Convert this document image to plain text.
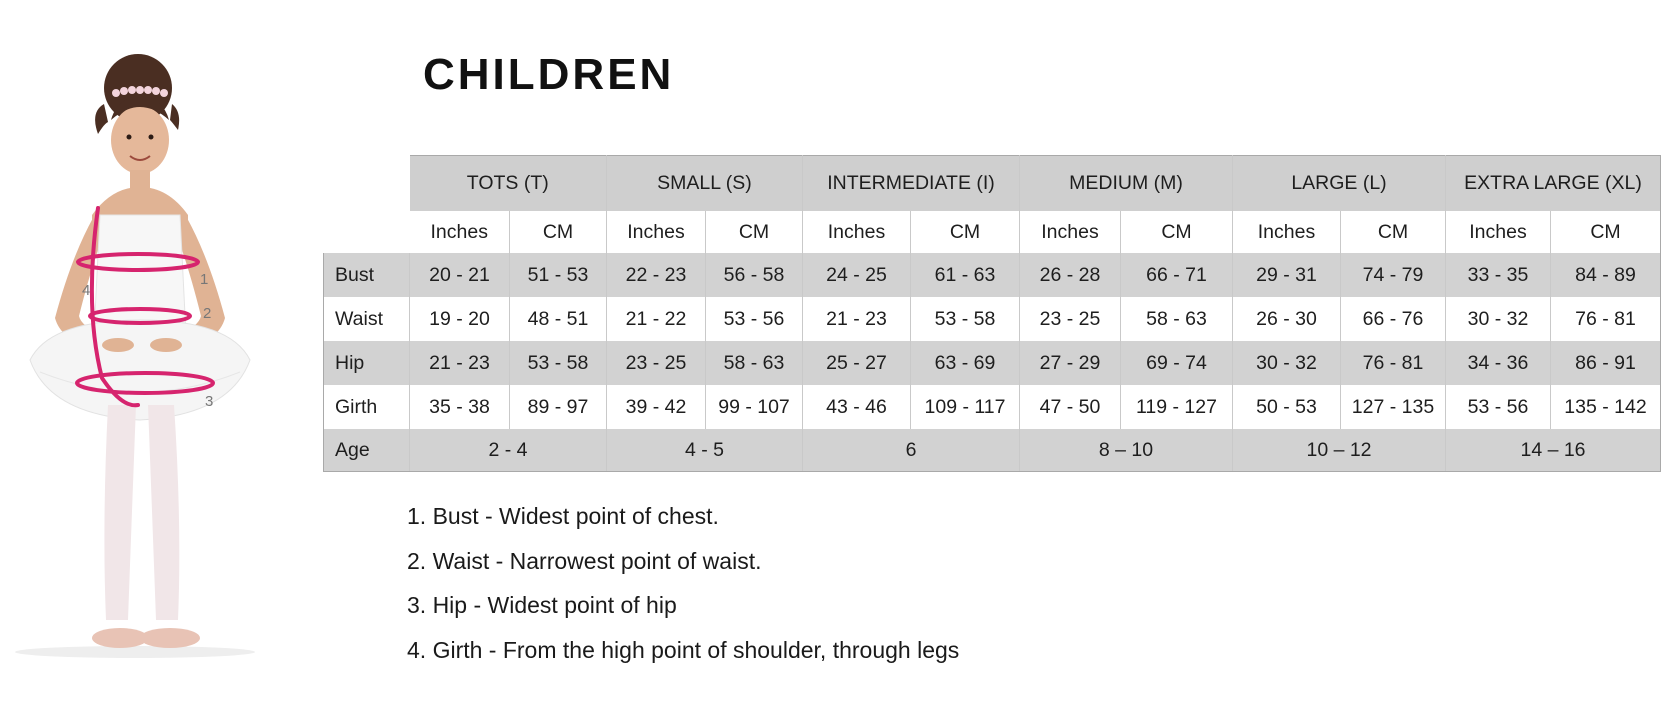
1
2
3
4
CHILDREN
	TOTS (T)		SMALL (S)		INTERMEDIATE (I)		MEDIUM (M)		LARGE (L)		EXTRA LARGE (XL)	
	Inches	CM	Inches	CM	Inches	CM	Inches	CM	Inches	CM	Inches	CM
Bust	20 - 21	51 - 53	22 - 23	56 - 58	24 - 25	61 - 63	26 - 28	66 - 71	29 - 31	74 - 79	33 - 35	84 - 89
Waist	19 - 20	48 - 51	21 - 22	53 - 56	21 - 23	53 - 58	23 - 25	58 - 63	26 - 30	66 - 76	30 - 32	76 - 81
Hip	21 - 23	53 - 58	23 - 25	58 - 63	25 - 27	63 - 69	27 - 29	69 - 74	30 - 32	76 - 81	34 - 36	86 - 91
Girth	35 - 38	89 - 97	39 - 42	99 - 107	43 - 46	109 - 117	47 - 50	119 - 127	50 - 53	127 - 135	53 - 56	135 - 142
Age	2 - 4		4 - 5		6		8 – 10		10 – 12		14 – 16	
1. Bust - Widest point of chest.
2. Waist - Narrowest point of waist.
3. Hip - Widest point of hip
4. Girth - From the high point of shoulder, through legs
